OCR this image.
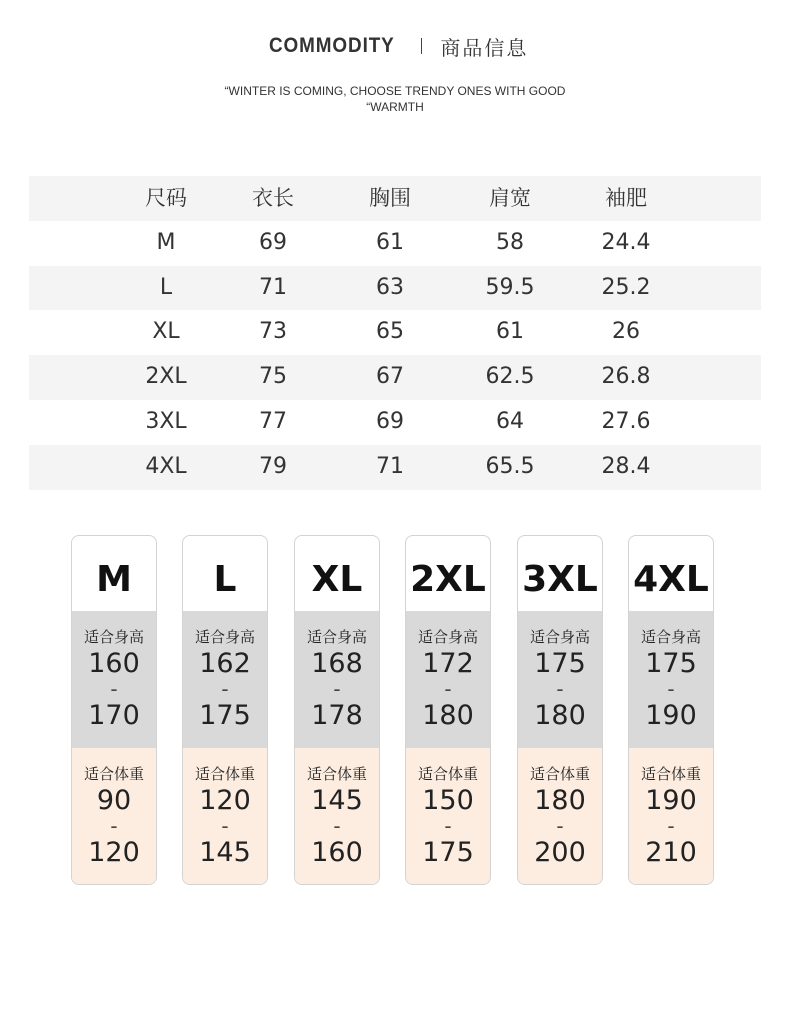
COMMODITY 商品信息
“WINTER IS COMING, CHOOSE TRENDY ONES WITH GOOD
“WARMTH
尺码	衣长	胸围	肩宽	袖肥
M	69	61	58	24.4
L	71	63	59.5	25.2
XL	73	65	61	26
2XL	75	67	62.5	26.8
3XL	77	69	64	27.6
4XL	79	71	65.5	28.4
M
适合身高
160
-
170
适合体重
90
-
120
L
适合身高
162
-
175
适合体重
120
-
145
XL
适合身高
168
-
178
适合体重
145
-
160
2XL
适合身高
172
-
180
适合体重
150
-
175
3XL
适合身高
175
-
180
适合体重
180
-
200
4XL
适合身高
175
-
190
适合体重
190
-
210
